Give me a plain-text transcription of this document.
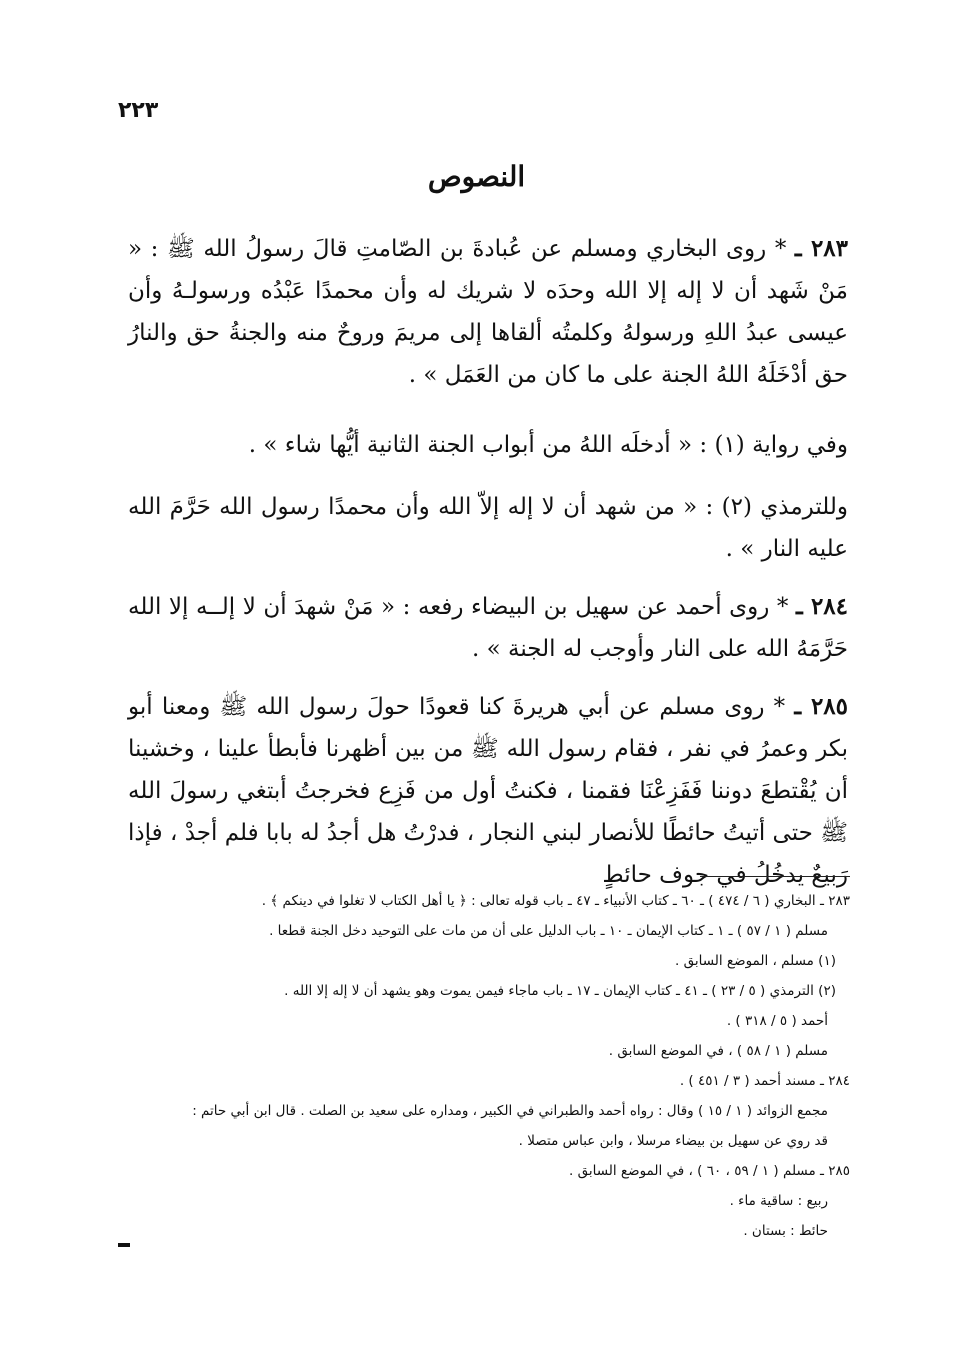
٢٢٣
النصوص

٢٨٣ ـ * روى البخاري ومسلم عن عُبادةَ بن الصّامتِ قالَ رسولُ الله ﷺ : « مَنْ شَهد أن لا إله إلا الله وحدَه لا شريك له وأن محمدًا عَبْدُه ورسولـهُ وأن عيسى عبدُ اللهِ ورسولهُ وكلمتُه ألقاها إلى مريمَ وروحٌ منه والجنةُ حق والنارُ حق أدْخَلَهُ اللهُ الجنة على ما كان من العَمَل » .

وفي رواية (١) : « أدخلَه اللهُ من أبواب الجنة الثانية أيُّها شاء » .

وللترمذي (٢) : « من شهد أن لا إله إلاّ الله وأن محمدًا رسول الله حَرَّمَ الله عليه النار » .

٢٨٤ ـ * روى أحمد عن سهيل بن البيضاء رفعه : « مَنْ شهدَ أن لا إلــه إلا الله حَرَّمَهُ الله على النار وأوجب له الجنة » .

٢٨٥ ـ * روى مسلم عن أبي هريرةَ كنا قعودًا حولَ رسول الله ﷺ ومعنا أبو بكر وعمرُ في نفر ، فقام رسول الله ﷺ من بين أظهرنا فأبطأ علينا ، وخشينا أن يُقْتطعَ دوننا فَفَزِعْنَا فقمنا ، فكنتُ أول من فَزِع فخرجتُ أبتغي رسولَ الله ﷺ حتى أتيتُ حائطًا للأنصار لبني النجار ، فدرْتُ هل أجدُ له بابا فلم أجدْ ، فإذا رَبيعٌ يدخُلُ في جوف حائطٍ

٢٨٣ ـ البخاري ( ٦ / ٤٧٤ ) ـ ٦٠ ـ كتاب الأنبياء ـ ٤٧ ـ باب قوله تعالى : ﴿ يا أهل الكتاب لا تغلوا في دينكم ﴾ .
مسلم ( ١ / ٥٧ ) ـ ١ ـ كتاب الإيمان ـ ١٠ ـ باب الدليل على أن من مات على التوحيد دخل الجنة قطعا .
(١) مسلم ، الموضع السابق .
(٢) الترمذي ( ٥ / ٢٣ ) ـ ٤١ ـ كتاب الإيمان ـ ١٧ ـ باب ماجاء فيمن يموت وهو يشهد أن لا إله إلا الله .
أحمد ( ٥ / ٣١٨ ) .
مسلم ( ١ / ٥٨ ) ، في الموضع السابق .
٢٨٤ ـ مسند أحمد ( ٣ / ٤٥١ ) .
مجمع الزوائد ( ١ / ١٥ ) وقال : رواه أحمد والطبراني في الكبير ، ومداره على سعيد بن الصلت . قال ابن أبي حاتم :
قد روي عن سهيل بن بيضاء مرسلا ، وابن عباس متصلا .
٢٨٥ ـ مسلم ( ١ / ٥٩ ، ٦٠ ) ، في الموضع السابق .
ربيع : ساقية ماء .
حائط : بستان .
